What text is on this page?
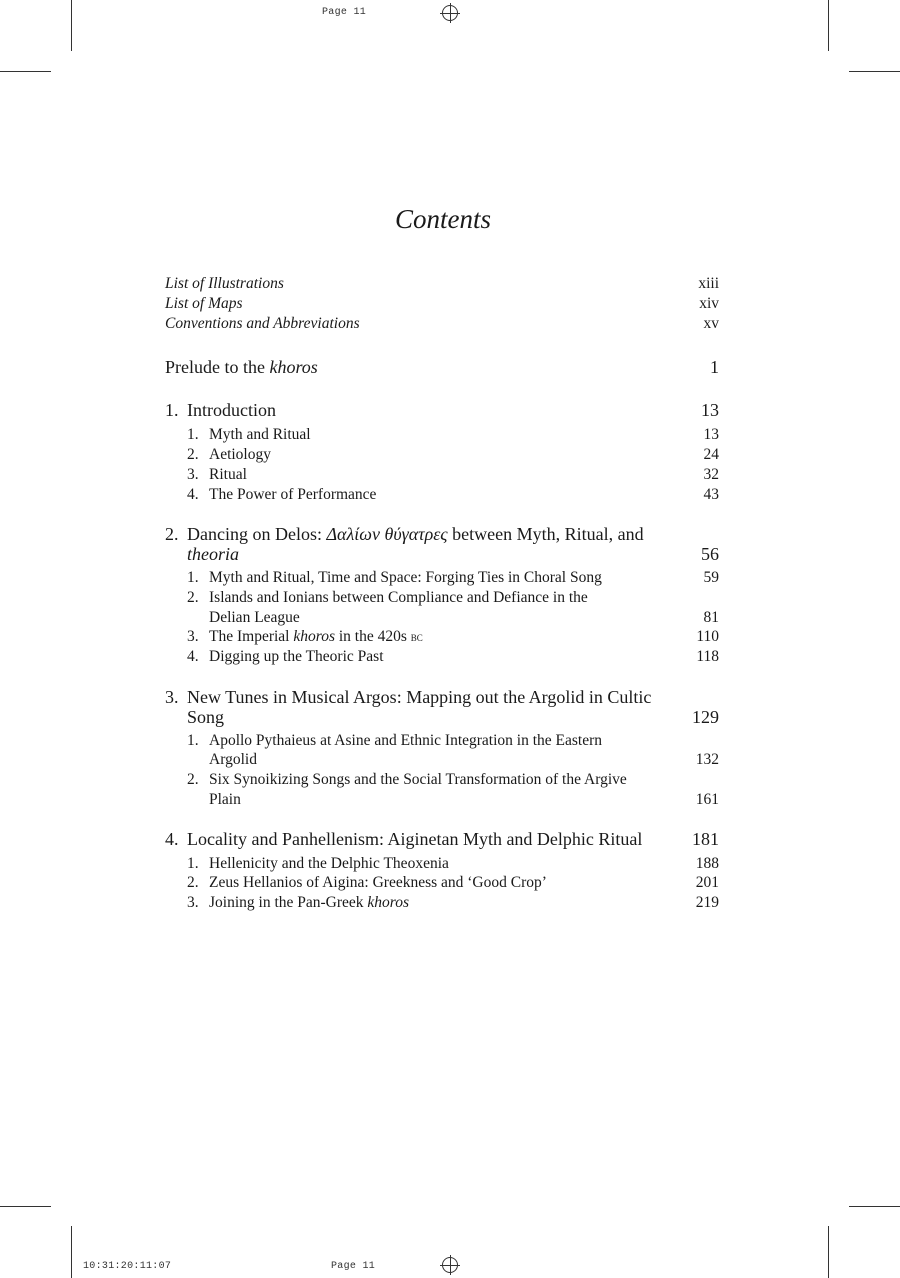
Page 11
10:31:20:11:07	Page 11
Contents
List of Illustrations	xiii
List of Maps	xiv
Conventions and Abbreviations	xv
Prelude to the khoros	1
1. Introduction	13
1. Myth and Ritual	13
2. Aetiology	24
3. Ritual	32
4. The Power of Performance	43
2. Dancing on Delos: Δαλίων θύγατρες between Myth, Ritual, and
theoria	56
1. Myth and Ritual, Time and Space: Forging Ties in Choral Song	59
2. Islands and Ionians between Compliance and Defiance in the
Delian League	81
3. The Imperial khoros in the 420s bc	110
4. Digging up the Theoric Past	118
3. New Tunes in Musical Argos: Mapping out the Argolid in Cultic
Song	129
1. Apollo Pythaieus at Asine and Ethnic Integration in the Eastern
Argolid	132
2. Six Synoikizing Songs and the Social Transformation of the Argive
Plain	161
4. Locality and Panhellenism: Aiginetan Myth and Delphic Ritual	181
1. Hellenicity and the Delphic Theoxenia	188
2. Zeus Hellanios of Aigina: Greekness and ‘Good Crop’	201
3. Joining in the Pan-Greek khoros	219
